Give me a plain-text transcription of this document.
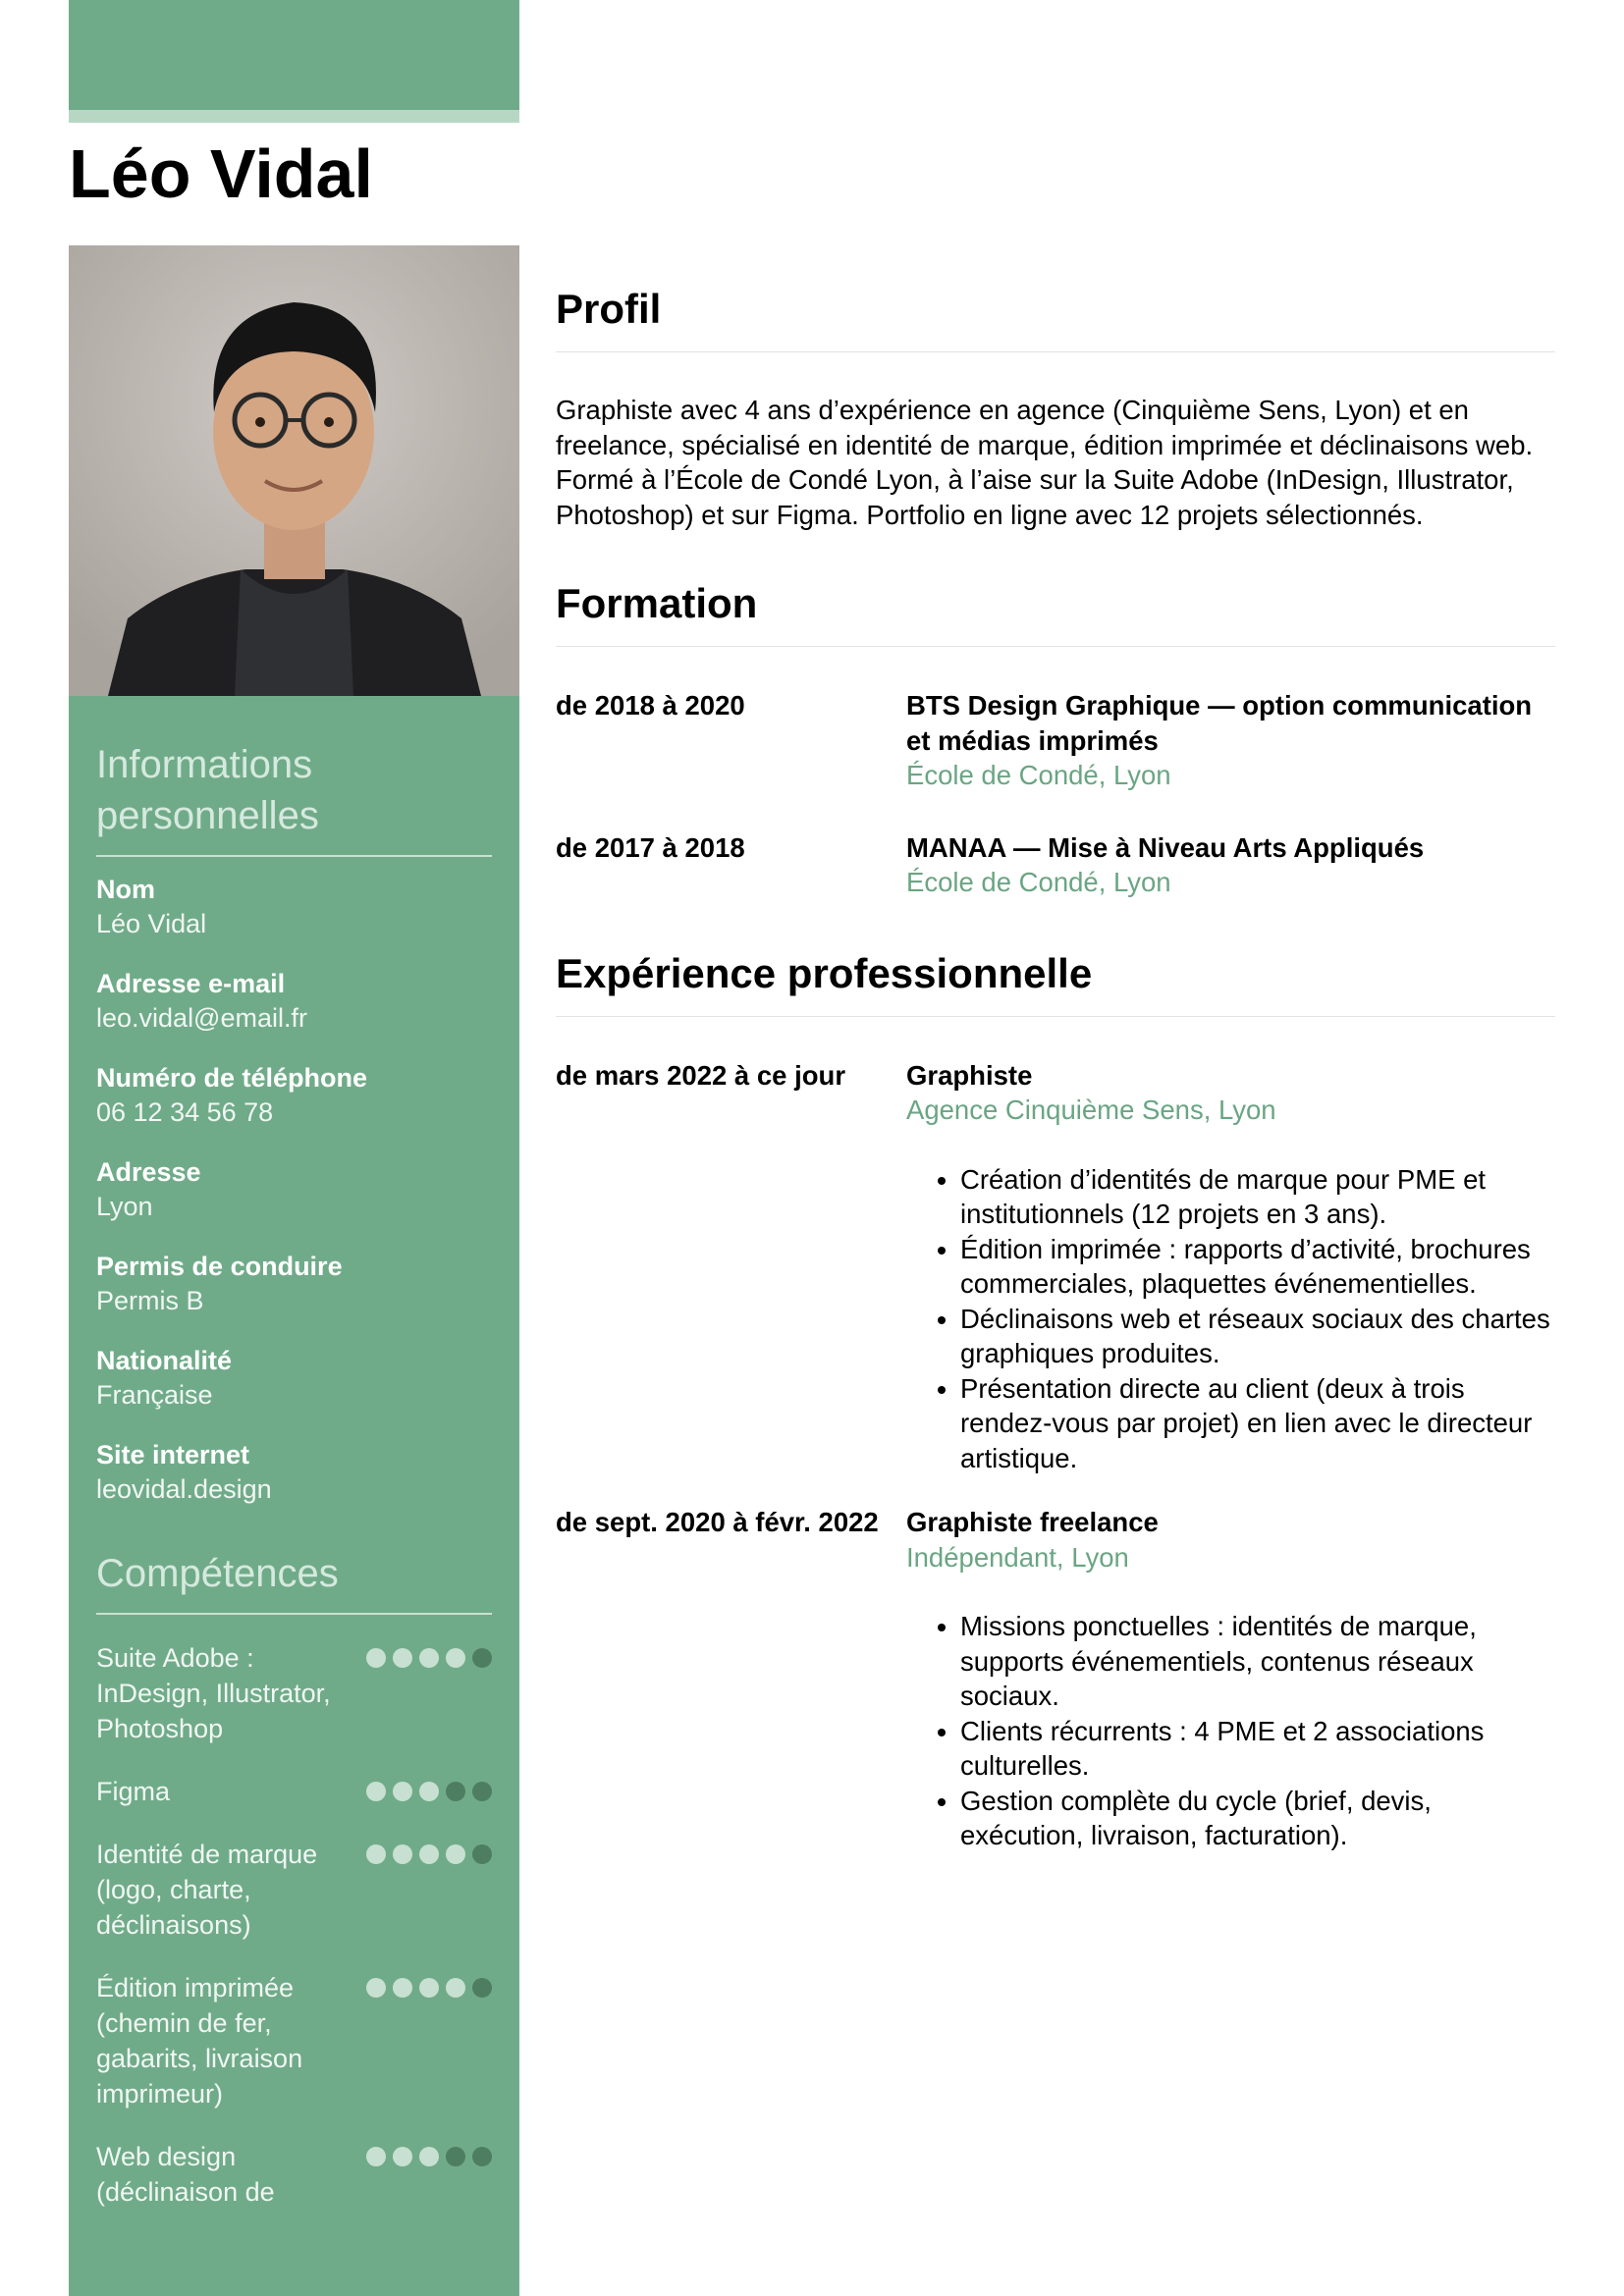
Léo Vidal
Informations personnelles
Nom
Léo Vidal
Adresse e-mail
leo.vidal@email.fr
Numéro de téléphone
06 12 34 56 78
Adresse
Lyon
Permis de conduire
Permis B
Nationalité
Française
Site internet
leovidal.design
Compétences
Suite Adobe : InDesign, Illustrator, Photoshop
Figma
Identité de marque (logo, charte, déclinaisons)
Édition imprimée (chemin de fer, gabarits, livraison imprimeur)
Web design (déclinaison de
Profil

Graphiste avec 4 ans d’expérience en agence (Cinquième Sens, Lyon) et en freelance, spécialisé en identité de marque, édition imprimée et déclinaisons web. Formé à l’École de Condé Lyon, à l’aise sur la Suite Adobe (InDesign, Illustrator, Photoshop) et sur Figma. Portfolio en ligne avec 12 projets sélectionnés.

Formation
de 2018 à 2020	BTS Design Graphique — option communication et médias imprimés
École de Condé, Lyon
de 2017 à 2018	MANAA — Mise à Niveau Arts Appliqués
École de Condé, Lyon
Expérience professionnelle
de mars 2022 à ce jour	Graphiste
Agence Cinquième Sens, Lyon
• Création d’identités de marque pour PME et institutionnels (12 projets en 3 ans).
• Édition imprimée : rapports d’activité, brochures commerciales, plaquettes événementielles.
• Déclinaisons web et réseaux sociaux des chartes graphiques produites.
• Présentation directe au client (deux à trois rendez-vous par projet) en lien avec le directeur artistique.
de sept. 2020 à févr. 2022	Graphiste freelance
Indépendant, Lyon
• Missions ponctuelles : identités de marque, supports événementiels, contenus réseaux sociaux.
• Clients récurrents : 4 PME et 2 associations culturelles.
• Gestion complète du cycle (brief, devis, exécution, livraison, facturation).
